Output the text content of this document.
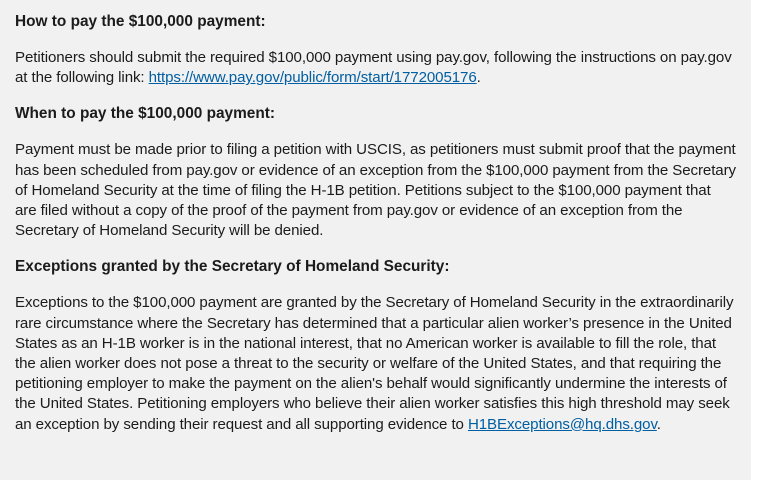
How to pay the $100,000 payment:

Petitioners should submit the required $100,000 payment using pay.gov, following the instructions on pay.gov at the following link: https://www.pay.gov/public/form/start/1772005176.

When to pay the $100,000 payment:

Payment must be made prior to filing a petition with USCIS, as petitioners must submit proof that the payment has been scheduled from pay.gov or evidence of an exception from the $100,000 payment from the Secretary of Homeland Security at the time of filing the H-1B petition. Petitions subject to the $100,000 payment that are filed without a copy of the proof of the payment from pay.gov or evidence of an exception from the Secretary of Homeland Security will be denied.

Exceptions granted by the Secretary of Homeland Security:

Exceptions to the $100,000 payment are granted by the Secretary of Homeland Security in the extraordinarily rare circumstance where the Secretary has determined that a particular alien worker’s presence in the United States as an H-1B worker is in the national interest, that no American worker is available to fill the role, that the alien worker does not pose a threat to the security or welfare of the United States, and that requiring the petitioning employer to make the payment on the alien's behalf would significantly undermine the interests of the United States. Petitioning employers who believe their alien worker satisfies this high threshold may seek an exception by sending their request and all supporting evidence to H1BExceptions@hq.dhs.gov.
